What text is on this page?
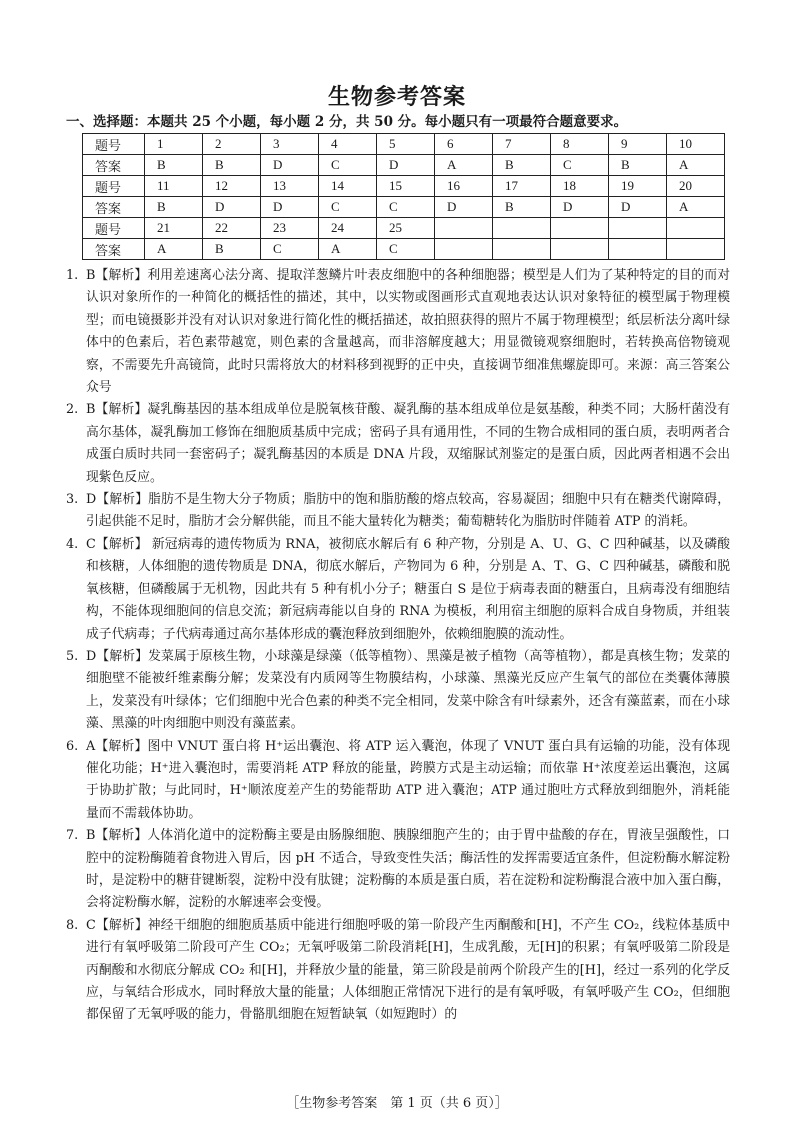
生物参考答案
一、选择题：本题共 25 个小题，每小题 2 分，共 50 分。每小题只有一项最符合题意要求。
题号	1	2	3	4	5	6	7	8	9	10
答案	B	B	D	C	D	A	B	C	B	A
题号	11	12	13	14	15	16	17	18	19	20
答案	B	D	D	C	C	D	B	D	D	A
题号	21	22	23	24	25					
答案	A	B	C	A	C					
1. B【解析】利用差速离心法分离、提取洋葱鳞片叶表皮细胞中的各种细胞器；模型是人们为了某种特定的目的而对认识对象所作的一种简化的概括性的描述，其中，以实物或图画形式直观地表达认识对象特征的模型属于物理模型；而电镜摄影并没有对认识对象进行简化性的概括描述，故拍照获得的照片不属于物理模型；纸层析法分离叶绿体中的色素后，若色素带越宽，则色素的含量越高，而非溶解度越大；用显微镜观察细胞时，若转换高倍物镜观察，不需要先升高镜筒，此时只需将放大的材料移到视野的正中央，直接调节细准焦螺旋即可。来源：高三答案公众号
2. B【解析】凝乳酶基因的基本组成单位是脱氧核苷酸、凝乳酶的基本组成单位是氨基酸，种类不同；大肠杆菌没有高尔基体，凝乳酶加工修饰在细胞质基质中完成；密码子具有通用性，不同的生物合成相同的蛋白质，表明两者合成蛋白质时共同一套密码子；凝乳酶基因的本质是 DNA 片段，双缩脲试剂鉴定的是蛋白质，因此两者相遇不会出现紫色反应。
3. D【解析】脂肪不是生物大分子物质；脂肪中的饱和脂肪酸的熔点较高，容易凝固；细胞中只有在糖类代谢障碍，引起供能不足时，脂肪才会分解供能，而且不能大量转化为糖类；葡萄糖转化为脂肪时伴随着 ATP 的消耗。
4. C【解析】 新冠病毒的遗传物质为 RNA，被彻底水解后有 6 种产物，分别是 A、U、G、C 四种碱基，以及磷酸和核糖，人体细胞的遗传物质是 DNA，彻底水解后，产物同为 6 种，分别是 A、T、G、C 四种碱基，磷酸和脱氧核糖，但磷酸属于无机物，因此共有 5 种有机小分子；糖蛋白 S 是位于病毒表面的糖蛋白，且病毒没有细胞结构，不能体现细胞间的信息交流；新冠病毒能以自身的 RNA 为模板，利用宿主细胞的原料合成自身物质，并组装成子代病毒；子代病毒通过高尔基体形成的囊泡释放到细胞外，依赖细胞膜的流动性。
5. D【解析】发菜属于原核生物，小球藻是绿藻（低等植物）、黑藻是被子植物（高等植物），都是真核生物；发菜的细胞壁不能被纤维素酶分解；发菜没有内质网等生物膜结构，小球藻、黑藻光反应产生氧气的部位在类囊体薄膜上，发菜没有叶绿体；它们细胞中光合色素的种类不完全相同，发菜中除含有叶绿素外，还含有藻蓝素，而在小球藻、黑藻的叶肉细胞中则没有藻蓝素。
6. A【解析】图中 VNUT 蛋白将 H⁺运出囊泡、将 ATP 运入囊泡，体现了 VNUT 蛋白具有运输的功能，没有体现催化功能；H⁺进入囊泡时，需要消耗 ATP 释放的能量，跨膜方式是主动运输；而依靠 H⁺浓度差运出囊泡，这属于协助扩散；与此同时，H⁺顺浓度差产生的势能帮助 ATP 进入囊泡；ATP 通过胞吐方式释放到细胞外，消耗能量而不需载体协助。
7. B【解析】人体消化道中的淀粉酶主要是由肠腺细胞、胰腺细胞产生的；由于胃中盐酸的存在，胃液呈强酸性，口腔中的淀粉酶随着食物进入胃后，因 pH 不适合，导致变性失活；酶活性的发挥需要适宜条件，但淀粉酶水解淀粉时，是淀粉中的糖苷键断裂，淀粉中没有肽键；淀粉酶的本质是蛋白质，若在淀粉和淀粉酶混合液中加入蛋白酶，会将淀粉酶水解，淀粉的水解速率会变慢。
8. C【解析】神经干细胞的细胞质基质中能进行细胞呼吸的第一阶段产生丙酮酸和[H]，不产生 CO₂，线粒体基质中进行有氧呼吸第二阶段可产生 CO₂；无氧呼吸第二阶段消耗[H]，生成乳酸，无[H]的积累；有氧呼吸第二阶段是丙酮酸和水彻底分解成 CO₂ 和[H]，并释放少量的能量，第三阶段是前两个阶段产生的[H]，经过一系列的化学反应，与氧结合形成水，同时释放大量的能量；人体细胞正常情况下进行的是有氧呼吸，有氧呼吸产生 CO₂，但细胞都保留了无氧呼吸的能力，骨骼肌细胞在短暂缺氧（如短跑时）的
［生物参考答案　第 1 页（共 6 页）］
